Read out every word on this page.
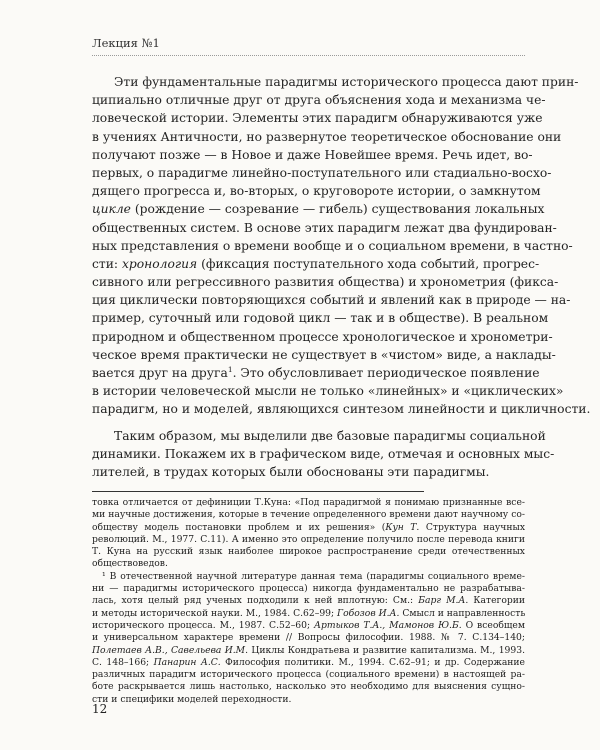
Лекция №1
Эти фундаментальные парадигмы исторического процесса дают прин-
ципиально отличные друг от друга объяснения хода и механизма че-
ловеческой истории. Элементы этих парадигм обнаруживаются уже
в учениях Античности, но развернутое теоретическое обоснование они
получают позже — в Новое и даже Новейшее время. Речь идет, во-
первых, о парадигме линейно-поступательного или стадиально-восхо-
дящего прогресса и, во-вторых, о круговороте истории, о замкнутом
цикле (рождение — созревание — гибель) существования локальных
общественных систем. В основе этих парадигм лежат два фундирован-
ных представления о времени вообще и о социальном времени, в частно-
сти: хронология (фиксация поступательного хода событий, прогрес-
сивного или регрессивного развития общества) и хронометрия (фикса-
ция циклически повторяющихся событий и явлений как в природе — на-
пример, суточный или годовой цикл — так и в обществе). В реальном
природном и общественном процессе хронологическое и хронометри-
ческое время практически не существует в «чистом» виде, а наклады-
вается друг на друга$^1$. Это обусловливает периодическое появление
в истории человеческой мысли не только «линейных» и «циклических»
парадигм, но и моделей, являющихся синтезом линейности и цикличности.
Таким образом, мы выделили две базовые парадигмы социальной
динамики. Покажем их в графическом виде, отмечая и основных мыс-
лителей, в трудах которых были обоснованы эти парадигмы.
товка отличается от дефиниции Т.Куна: «Под парадигмой я понимаю признанные все-
ми научные достижения, которые в течение определенного времени дают научному со-
обществу модель постановки проблем и их решения» (Кун Т. Структура научных
революций. М., 1977. С.11). А именно это определение получило после перевода книги
Т. Куна на русский язык наиболее широкое распространение среди отечественных
обществоведов.
¹ В отечественной научной литературе данная тема (парадигмы социального време-
ни — парадигмы исторического процесса) никогда фундаментально не разрабатыва-
лась, хотя целый ряд ученых подходили к ней вплотную: См.: Барг М.А. Категории
и методы исторической науки. М., 1984. С.62–99; Гобозов И.А. Смысл и направленность
исторического процесса. М., 1987. С.52–60; Артыков Т.А., Мамонов Ю.Б. О всеобщем
и универсальном характере времени // Вопросы философии. 1988. № 7. С.134–140;
Полетаев А.В., Савельева И.М. Циклы Кондратьева и развитие капитализма. М., 1993.
С. 148–166; Панарин А.С. Философия политики. М., 1994. С.62–91; и др. Содержание
различных парадигм исторического процесса (социального времени) в настоящей ра-
боте раскрывается лишь настолько, насколько это необходимо для выяснения сущно-
сти и специфики моделей переходности.
12
